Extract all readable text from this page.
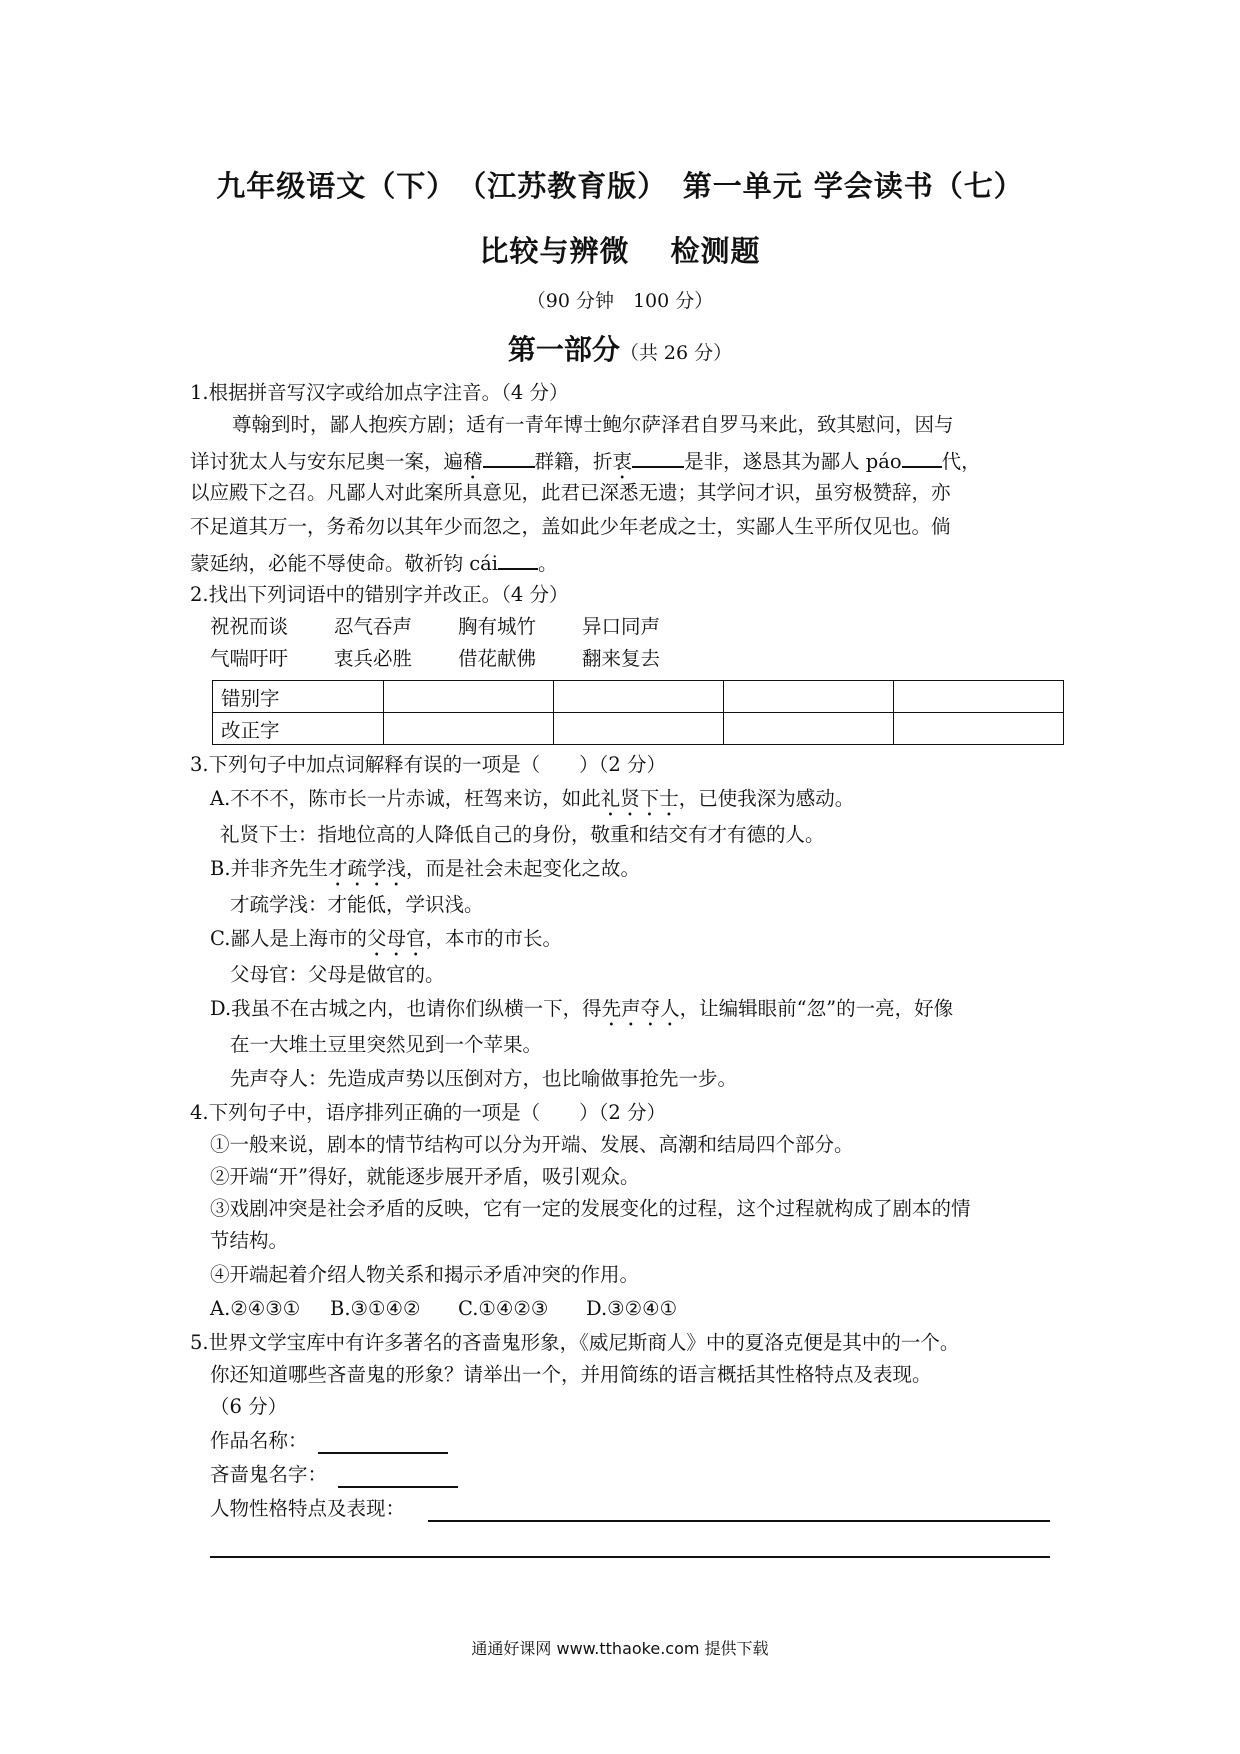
九年级语文（下）　（江苏教育版）　第一单元 学会读书（七）
比较与辨微　 检测题
（90 分钟　100 分）
第一部分（共 26 分）
1.根据拼音写汉字或给加点字注音。（4 分）
尊翰到时，鄙人抱疾方剧；适有一青年博士鲍尔萨泽君自罗马来此，致其慰问，因与
详讨犹太人与安东尼奥一案，遍稽	群籍，折衷	是非，遂恳其为鄙人 páo 代，
以应殿下之召。凡鄙人对此案所具意见，此君已深悉无遗；其学问才识，虽穷极赞辞，亦
不足道其万一，务希勿以其年少而忽之，盖如此少年老成之士，实鄙人生平所仅见也。倘
蒙延纳，必能不辱使命。敬祈钧 cái 。
2.找出下列词语中的错别字并改正。（4 分）
祝祝而谈 忍气吞声 胸有城竹 异口同声
气喘吁吁 衷兵必胜 借花献佛 翻来复去
错别字				
改正字				
3.下列句子中加点词解释有误的一项是（　　）（2 分）
A.不不不，陈市长一片赤诚，枉驾来访，如此礼贤下士，已使我深为感动。
礼贤下士：指地位高的人降低自己的身份，敬重和结交有才有德的人。
B.并非齐先生才疏学浅，而是社会未起变化之故。
才疏学浅：才能低，学识浅。
C.鄙人是上海市的父母官，本市的市长。
父母官：父母是做官的。
D.我虽不在古城之内，也请你们纵横一下，得先声夺人，让编辑眼前“忽”的一亮，好像
在一大堆土豆里突然见到一个苹果。
先声夺人：先造成声势以压倒对方，也比喻做事抢先一步。
4.下列句子中，语序排列正确的一项是（　　）（2 分）
①一般来说，剧本的情节结构可以分为开端、发展、高潮和结局四个部分。
②开端“开”得好，就能逐步展开矛盾，吸引观众。
③戏剧冲突是社会矛盾的反映，它有一定的发展变化的过程，这个过程就构成了剧本的情
节结构。
④开端起着介绍人物关系和揭示矛盾冲突的作用。
A.②④③① B.③①④② C.①④②③ D.③②④①
5.世界文学宝库中有许多著名的吝啬鬼形象，《威尼斯商人》中的夏洛克便是其中的一个。
你还知道哪些吝啬鬼的形象？请举出一个，并用简练的语言概括其性格特点及表现。
（6 分）
作品名称：
吝啬鬼名字：
人物性格特点及表现：
通通好课网 www.tthaoke.com 提供下载
